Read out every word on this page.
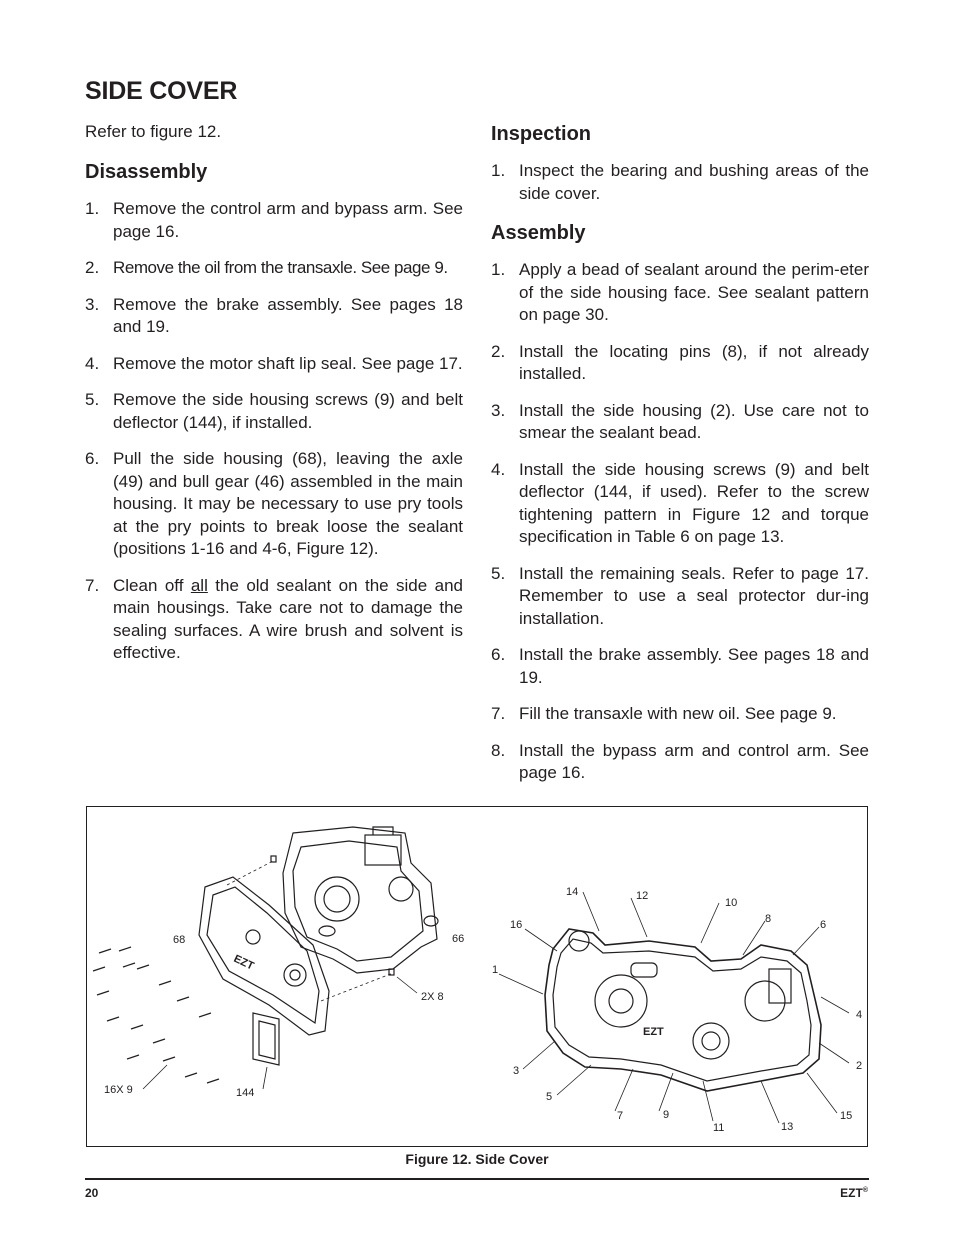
SIDE COVER
Refer to figure 12.
Disassembly
1. Remove the control arm and bypass arm. See page 16.
2. Remove the oil from the transaxle. See page 9.
3. Remove the brake assembly. See pages 18 and 19.
4. Remove the motor shaft lip seal. See page 17.
5. Remove the side housing screws (9) and belt deflector (144), if installed.
6. Pull the side housing (68), leaving the axle (49) and bull gear (46) assembled in the main housing. It may be necessary to use pry tools at the pry points to break loose the sealant (positions 1-16 and 4-6, Figure 12).
7. Clean off all the old sealant on the side and main housings. Take care not to damage the sealing surfaces. A wire brush and solvent is effective.
Inspection
1. Inspect the bearing and bushing areas of the side cover.
Assembly
1. Apply a bead of sealant around the perim-eter of the side housing face. See sealant pattern on page 30.
2. Install the locating pins (8), if not already installed.
3. Install the side housing (2). Use care not to smear the sealant bead.
4. Install the side housing screws (9) and belt deflector (144, if used). Refer to the screw tightening pattern in Figure 12 and torque specification in Table 6 on page 13.
5. Install the remaining seals. Refer to page 17. Remember to use a seal protector dur-ing installation.
6. Install the brake assembly. See pages 18 and 19.
7. Fill the transaxle with new oil. See page 9.
8. Install the bypass arm and control arm. See page 16.
EZT
EZT
68	66
2X 8
16X 9	144
1
2
3
4
5
6
7
8
9
10
11
12
13
14
15
16
Figure 12. Side Cover
20	EZT®
